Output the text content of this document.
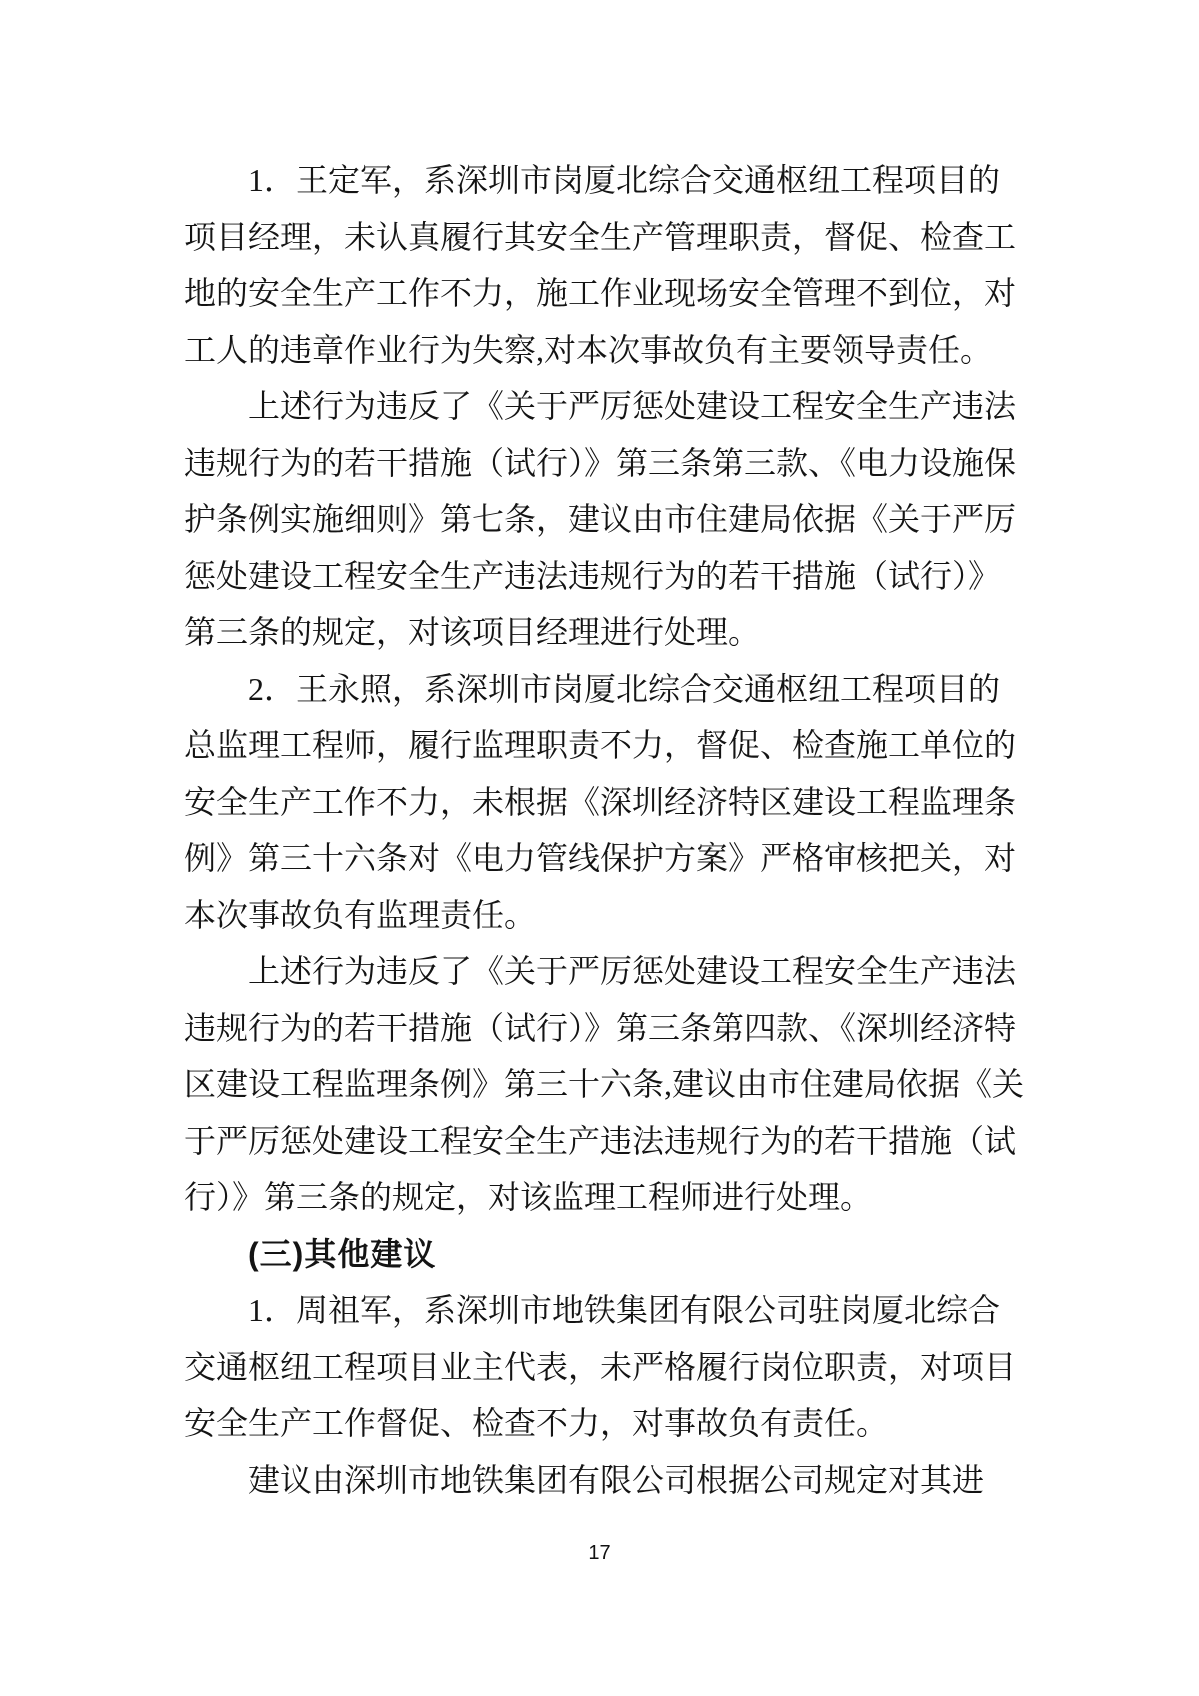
1．王定军，系深圳市岗厦北综合交通枢纽工程项目的
项目经理，未认真履行其安全生产管理职责，督促、检查工
地的安全生产工作不力，施工作业现场安全管理不到位，对
工人的违章作业行为失察,对本次事故负有主要领导责任。
上述行为违反了《关于严厉惩处建设工程安全生产违法
违规行为的若干措施（试行）》第三条第三款、《电力设施保
护条例实施细则》第七条，建议由市住建局依据《关于严厉
惩处建设工程安全生产违法违规行为的若干措施（试行）》
第三条的规定，对该项目经理进行处理。
2．王永照，系深圳市岗厦北综合交通枢纽工程项目的
总监理工程师，履行监理职责不力，督促、检查施工单位的
安全生产工作不力，未根据《深圳经济特区建设工程监理条
例》第三十六条对《电力管线保护方案》严格审核把关，对
本次事故负有监理责任。
上述行为违反了《关于严厉惩处建设工程安全生产违法
违规行为的若干措施（试行）》第三条第四款、《深圳经济特
区建设工程监理条例》第三十六条,建议由市住建局依据《关
于严厉惩处建设工程安全生产违法违规行为的若干措施（试
行）》第三条的规定，对该监理工程师进行处理。
(三)其他建议
1．周祖军，系深圳市地铁集团有限公司驻岗厦北综合
交通枢纽工程项目业主代表，未严格履行岗位职责，对项目
安全生产工作督促、检查不力，对事故负有责任。
建议由深圳市地铁集团有限公司根据公司规定对其进
17
